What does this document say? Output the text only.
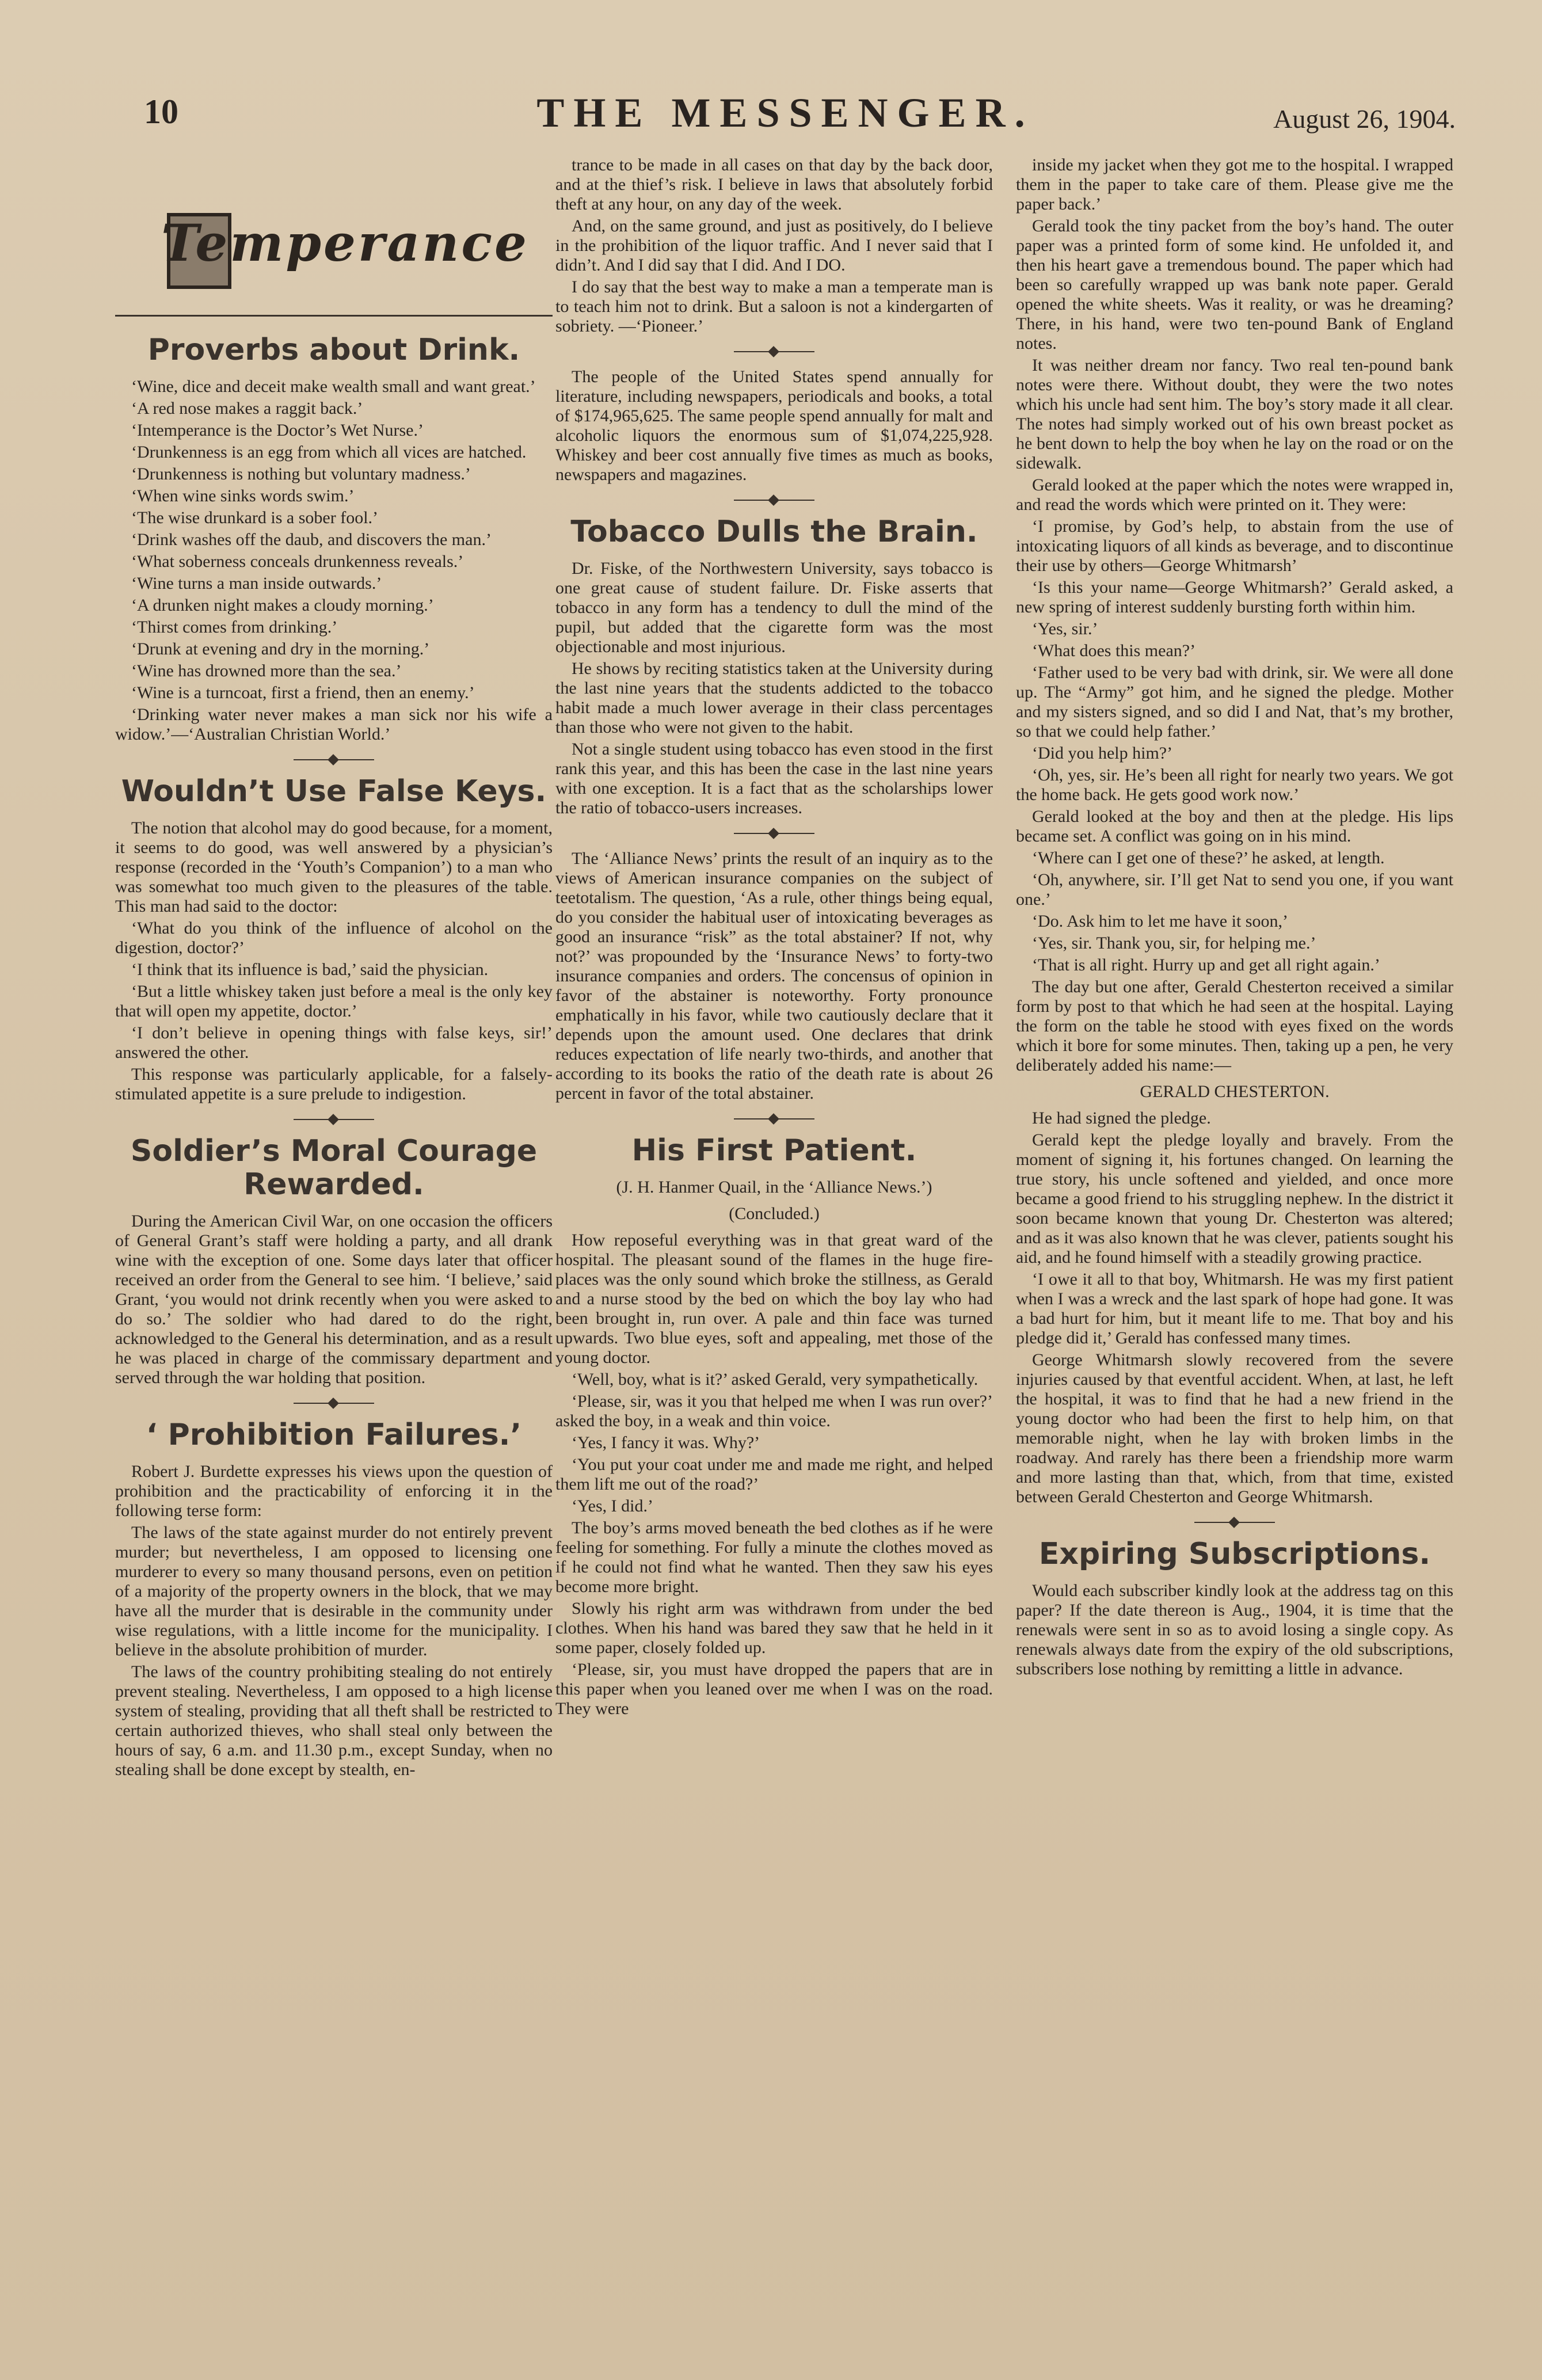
10	THE MESSENGER.	August 26, 1904.
Temperance
Proverbs about Drink.

‘Wine, dice and deceit make wealth small and want great.’

‘A red nose makes a raggit back.’

‘Intemperance is the Doctor’s Wet Nurse.’

‘Drunkenness is an egg from which all vices are hatched.

‘Drunkenness is nothing but voluntary madness.’

‘When wine sinks words swim.’

‘The wise drunkard is a sober fool.’

‘Drink washes off the daub, and discovers the man.’

‘What soberness conceals drunkenness reveals.’

‘Wine turns a man inside outwards.’

‘A drunken night makes a cloudy morning.’

‘Thirst comes from drinking.’

‘Drunk at evening and dry in the morning.’

‘Wine has drowned more than the sea.’

‘Wine is a turncoat, first a friend, then an enemy.’

‘Drinking water never makes a man sick nor his wife a widow.’—‘Australian Christian World.’

Wouldn’t Use False Keys.

The notion that alcohol may do good because, for a moment, it seems to do good, was well answered by a physician’s response (recorded in the ‘Youth’s Companion’) to a man who was somewhat too much given to the pleasures of the table. This man had said to the doctor:

‘What do you think of the influence of alcohol on the digestion, doctor?’

‘I think that its influence is bad,’ said the physician.

‘But a little whiskey taken just before a meal is the only key that will open my appetite, doctor.’

‘I don’t believe in opening things with false keys, sir!’ answered the other.

This response was particularly applicable, for a falsely-stimulated appetite is a sure prelude to indigestion.

Soldier’s Moral Courage Rewarded.

During the American Civil War, on one occasion the officers of General Grant’s staff were holding a party, and all drank wine with the exception of one. Some days later that officer received an order from the General to see him. ‘I believe,’ said Grant, ‘you would not drink recently when you were asked to do so.’ The soldier who had dared to do the right, acknowledged to the General his determination, and as a result he was placed in charge of the commissary department and served through the war holding that position.

‘ Prohibition Failures.’

Robert J. Burdette expresses his views upon the question of prohibition and the practicability of enforcing it in the following terse form:

The laws of the state against murder do not entirely prevent murder; but nevertheless, I am opposed to licensing one murderer to every so many thousand persons, even on petition of a majority of the property owners in the block, that we may have all the murder that is desirable in the community under wise regulations, with a little income for the municipality. I believe in the absolute prohibition of murder.

The laws of the country prohibiting stealing do not entirely prevent stealing. Nevertheless, I am opposed to a high license system of stealing, providing that all theft shall be restricted to certain authorized thieves, who shall steal only between the hours of say, 6 a.m. and 11.30 p.m., except Sunday, when no stealing shall be done except by stealth, en-

trance to be made in all cases on that day by the back door, and at the thief’s risk. I believe in laws that absolutely forbid theft at any hour, on any day of the week.

And, on the same ground, and just as positively, do I believe in the prohibition of the liquor traffic. And I never said that I didn’t. And I did say that I did. And I DO.

I do say that the best way to make a man a temperate man is to teach him not to drink. But a saloon is not a kindergarten of sobriety. —‘Pioneer.’

The people of the United States spend annually for literature, including newspapers, periodicals and books, a total of $174,965,625. The same people spend annually for malt and alcoholic liquors the enormous sum of $1,074,225,928. Whiskey and beer cost annually five times as much as books, newspapers and magazines.

Tobacco Dulls the Brain.

Dr. Fiske, of the Northwestern University, says tobacco is one great cause of student failure. Dr. Fiske asserts that tobacco in any form has a tendency to dull the mind of the pupil, but added that the cigarette form was the most objectionable and most injurious.

He shows by reciting statistics taken at the University during the last nine years that the students addicted to the tobacco habit made a much lower average in their class percentages than those who were not given to the habit.

Not a single student using tobacco has even stood in the first rank this year, and this has been the case in the last nine years with one exception. It is a fact that as the scholarships lower the ratio of tobacco-users increases.

The ‘Alliance News’ prints the result of an inquiry as to the views of American insurance companies on the subject of teetotalism. The question, ‘As a rule, other things being equal, do you consider the habitual user of intoxicating beverages as good an insurance “risk” as the total abstainer? If not, why not?’ was propounded by the ‘Insurance News’ to forty-two insurance companies and orders. The concensus of opinion in favor of the abstainer is noteworthy. Forty pronounce emphatically in his favor, while two cautiously declare that it depends upon the amount used. One declares that drink reduces expectation of life nearly two-thirds, and another that according to its books the ratio of the death rate is about 26 percent in favor of the total abstainer.

His First Patient.

(J. H. Hanmer Quail, in the ‘Alliance News.’)

(Concluded.)

How reposeful everything was in that great ward of the hospital. The pleasant sound of the flames in the huge fire-places was the only sound which broke the stillness, as Gerald and a nurse stood by the bed on which the boy lay who had been brought in, run over. A pale and thin face was turned upwards. Two blue eyes, soft and appealing, met those of the young doctor.

‘Well, boy, what is it?’ asked Gerald, very sympathetically.

‘Please, sir, was it you that helped me when I was run over?’ asked the boy, in a weak and thin voice.

‘Yes, I fancy it was. Why?’

‘You put your coat under me and made me right, and helped them lift me out of the road?’

‘Yes, I did.’

The boy’s arms moved beneath the bed clothes as if he were feeling for something. For fully a minute the clothes moved as if he could not find what he wanted. Then they saw his eyes become more bright.

Slowly his right arm was withdrawn from under the bed clothes. When his hand was bared they saw that he held in it some paper, closely folded up.

‘Please, sir, you must have dropped the papers that are in this paper when you leaned over me when I was on the road. They were

inside my jacket when they got me to the hospital. I wrapped them in the paper to take care of them. Please give me the paper back.’

Gerald took the tiny packet from the boy’s hand. The outer paper was a printed form of some kind. He unfolded it, and then his heart gave a tremendous bound. The paper which had been so carefully wrapped up was bank note paper. Gerald opened the white sheets. Was it reality, or was he dreaming? There, in his hand, were two ten-pound Bank of England notes.

It was neither dream nor fancy. Two real ten-pound bank notes were there. Without doubt, they were the two notes which his uncle had sent him. The boy’s story made it all clear. The notes had simply worked out of his own breast pocket as he bent down to help the boy when he lay on the road or on the sidewalk.

Gerald looked at the paper which the notes were wrapped in, and read the words which were printed on it. They were:

‘I promise, by God’s help, to abstain from the use of intoxicating liquors of all kinds as beverage, and to discontinue their use by others—George Whitmarsh’

‘Is this your name—George Whitmarsh?’ Gerald asked, a new spring of interest suddenly bursting forth within him.

‘Yes, sir.’

‘What does this mean?’

‘Father used to be very bad with drink, sir. We were all done up. The “Army” got him, and he signed the pledge. Mother and my sisters signed, and so did I and Nat, that’s my brother, so that we could help father.’

‘Did you help him?’

‘Oh, yes, sir. He’s been all right for nearly two years. We got the home back. He gets good work now.’

Gerald looked at the boy and then at the pledge. His lips became set. A conflict was going on in his mind.

‘Where can I get one of these?’ he asked, at length.

‘Oh, anywhere, sir. I’ll get Nat to send you one, if you want one.’

‘Do. Ask him to let me have it soon,’

‘Yes, sir. Thank you, sir, for helping me.’

‘That is all right. Hurry up and get all right again.’

The day but one after, Gerald Chesterton received a similar form by post to that which he had seen at the hospital. Laying the form on the table he stood with eyes fixed on the words which it bore for some minutes. Then, taking up a pen, he very deliberately added his name:—

GERALD CHESTERTON.

He had signed the pledge.

Gerald kept the pledge loyally and bravely. From the moment of signing it, his fortunes changed. On learning the true story, his uncle softened and yielded, and once more became a good friend to his struggling nephew. In the district it soon became known that young Dr. Chesterton was altered; and as it was also known that he was clever, patients sought his aid, and he found himself with a steadily growing practice.

‘I owe it all to that boy, Whitmarsh. He was my first patient when I was a wreck and the last spark of hope had gone. It was a bad hurt for him, but it meant life to me. That boy and his pledge did it,’ Gerald has confessed many times.

George Whitmarsh slowly recovered from the severe injuries caused by that eventful accident. When, at last, he left the hospital, it was to find that he had a new friend in the young doctor who had been the first to help him, on that memorable night, when he lay with broken limbs in the roadway. And rarely has there been a friendship more warm and more lasting than that, which, from that time, existed between Gerald Chesterton and George Whitmarsh.

Expiring Subscriptions.

Would each subscriber kindly look at the address tag on this paper? If the date thereon is Aug., 1904, it is time that the renewals were sent in so as to avoid losing a single copy. As renewals always date from the expiry of the old subscriptions, subscribers lose nothing by remitting a little in advance.
